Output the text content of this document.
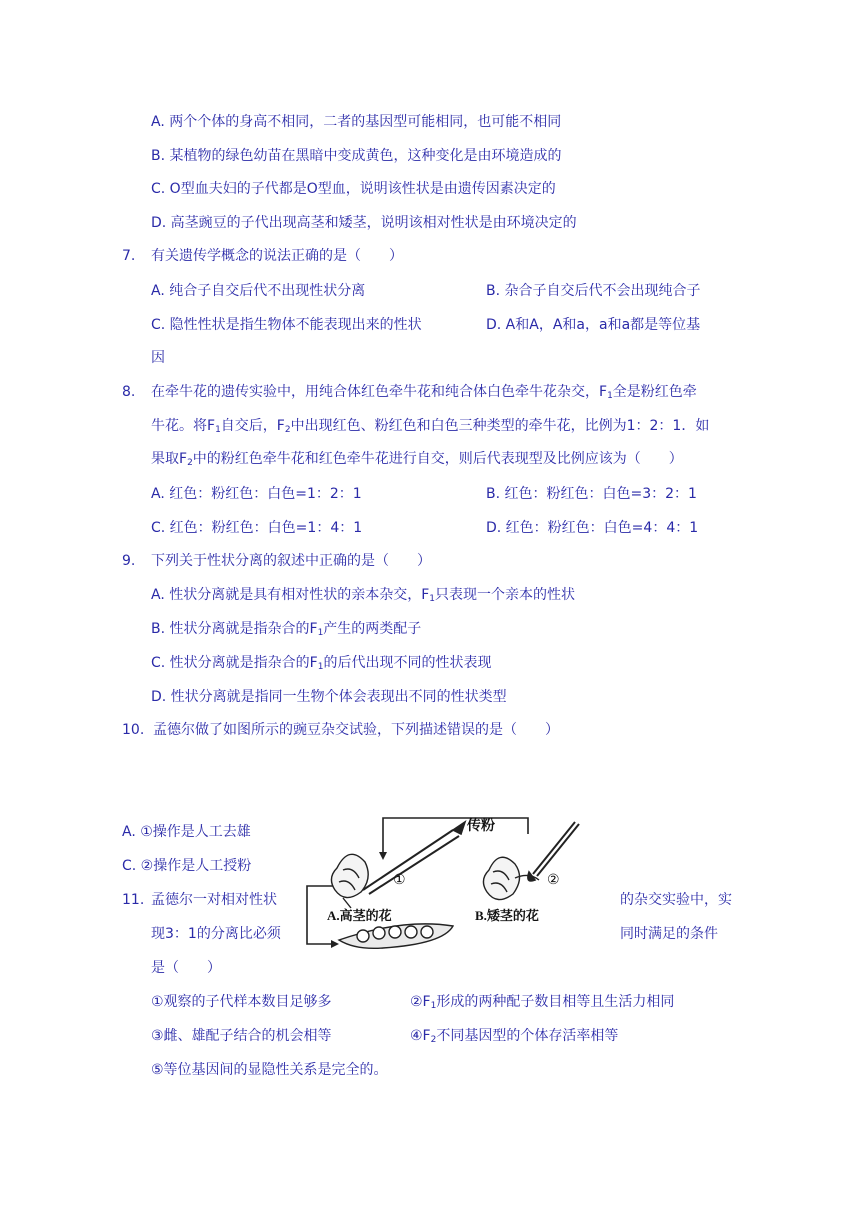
A. 两个个体的身高不相同，二者的基因型可能相同，也可能不相同
B. 某植物的绿色幼苗在黑暗中变成黄色，这种变化是由环境造成的
C. O型血夫妇的子代都是O型血，说明该性状是由遗传因素决定的
D. 高茎豌豆的子代出现高茎和矮茎，说明该相对性状是由环境决定的
7. 有关遗传学概念的说法正确的是（　　）
A. 纯合子自交后代不出现性状分离	B. 杂合子自交后代不会出现纯合子
C. 隐性性状是指生物体不能表现出来的性状	D. A和A，A和a，a和a都是等位基
因
8. 在牵牛花的遗传实验中，用纯合体红色牵牛花和纯合体白色牵牛花杂交，$F_1$全是粉红色牵
牛花。将$F_1$自交后，$F_2$中出现红色、粉红色和白色三种类型的牵牛花，比例为1：2：1．如
果取$F_2$中的粉红色牵牛花和红色牵牛花进行自交，则后代表现型及比例应该为（　　）
A. 红色：粉红色：白色=1：2：1	B. 红色：粉红色：白色=3：2：1
C. 红色：粉红色：白色=1：4：1	D. 红色：粉红色：白色=4：4：1
9. 下列关于性状分离的叙述中正确的是（　　）
A. 性状分离就是具有相对性状的亲本杂交，$F_1$只表现一个亲本的性状
B. 性状分离就是指杂合的$F_1$产生的两类配子
C. 性状分离就是指杂合的$F_1$的后代出现不同的性状表现
D. 性状分离就是指同一生物个体会表现出不同的性状类型
10. 孟德尔做了如图所示的豌豆杂交试验，下列描述错误的是（　　）
A. ①操作是人工去雄
C. ②操作是人工授粉
传粉
①	②
A.高茎的花	B.矮茎的花
11. 孟德尔一对相对性状	的杂交实验中，实
现3：1的分离比必须	同时满足的条件
是（　　）
①观察的子代样本数目足够多	$②F_1$形成的两种配子数目相等且生活力相同
③雌、雄配子结合的机会相等	$④F_2$不同基因型的个体存活率相等
⑤等位基因间的显隐性关系是完全的。
